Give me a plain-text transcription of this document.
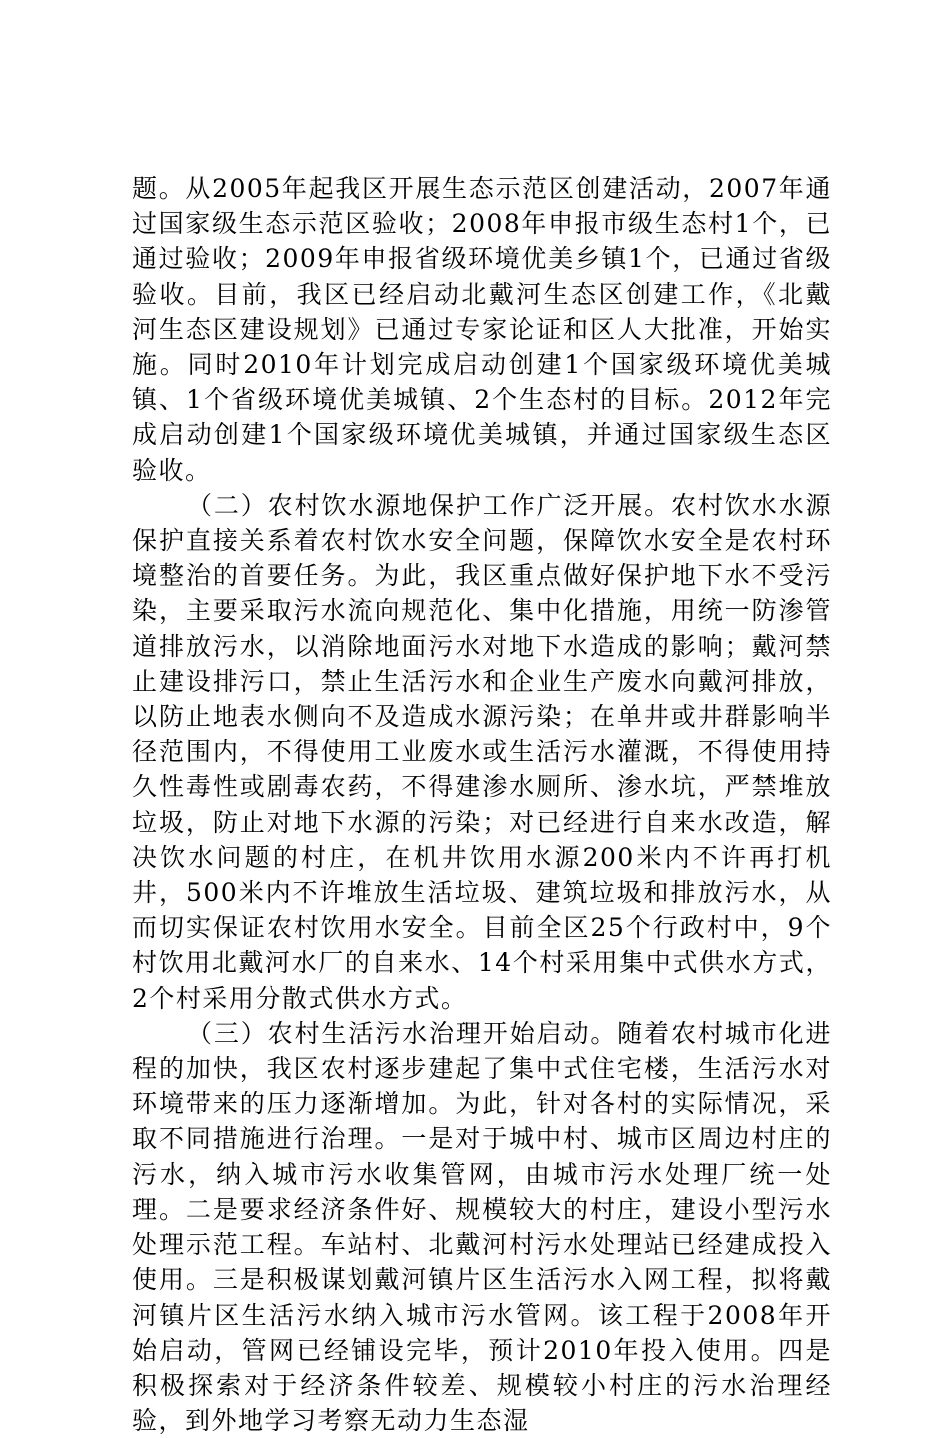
题。从2005年起我区开展生态示范区创建活动，2007年通过国家级生态示范区验收；2008年申报市级生态村1个，已通过验收；2009年申报省级环境优美乡镇1个，已通过省级验收。目前，我区已经启动北戴河生态区创建工作，《北戴河生态区建设规划》已通过专家论证和区人大批准，开始实施。同时2010年计划完成启动创建1个国家级环境优美城镇、1个省级环境优美城镇、2个生态村的目标。2012年完成启动创建1个国家级环境优美城镇，并通过国家级生态区验收。

（二）农村饮水源地保护工作广泛开展。农村饮水水源保护直接关系着农村饮水安全问题，保障饮水安全是农村环境整治的首要任务。为此，我区重点做好保护地下水不受污染，主要采取污水流向规范化、集中化措施，用统一防渗管道排放污水，以消除地面污水对地下水造成的影响；戴河禁止建设排污口，禁止生活污水和企业生产废水向戴河排放，以防止地表水侧向不及造成水源污染；在单井或井群影响半径范围内，不得使用工业废水或生活污水灌溉，不得使用持久性毒性或剧毒农药，不得建渗水厕所、渗水坑，严禁堆放垃圾，防止对地下水源的污染；对已经进行自来水改造，解决饮水问题的村庄，在机井饮用水源200米内不许再打机井，500米内不许堆放生活垃圾、建筑垃圾和排放污水，从而切实保证农村饮用水安全。目前全区25个行政村中，9个村饮用北戴河水厂的自来水、14个村采用集中式供水方式，2个村采用分散式供水方式。

（三）农村生活污水治理开始启动。随着农村城市化进程的加快，我区农村逐步建起了集中式住宅楼，生活污水对环境带来的压力逐渐增加。为此，针对各村的实际情况，采取不同措施进行治理。一是对于城中村、城市区周边村庄的污水，纳入城市污水收集管网，由城市污水处理厂统一处理。二是要求经济条件好、规模较大的村庄，建设小型污水处理示范工程。车站村、北戴河村污水处理站已经建成投入使用。三是积极谋划戴河镇片区生活污水入网工程，拟将戴河镇片区生活污水纳入城市污水管网。该工程于2008年开始启动，管网已经铺设完毕，预计2010年投入使用。四是积极探索对于经济条件较差、规模较小村庄的污水治理经验，到外地学习考察无动力生态湿
